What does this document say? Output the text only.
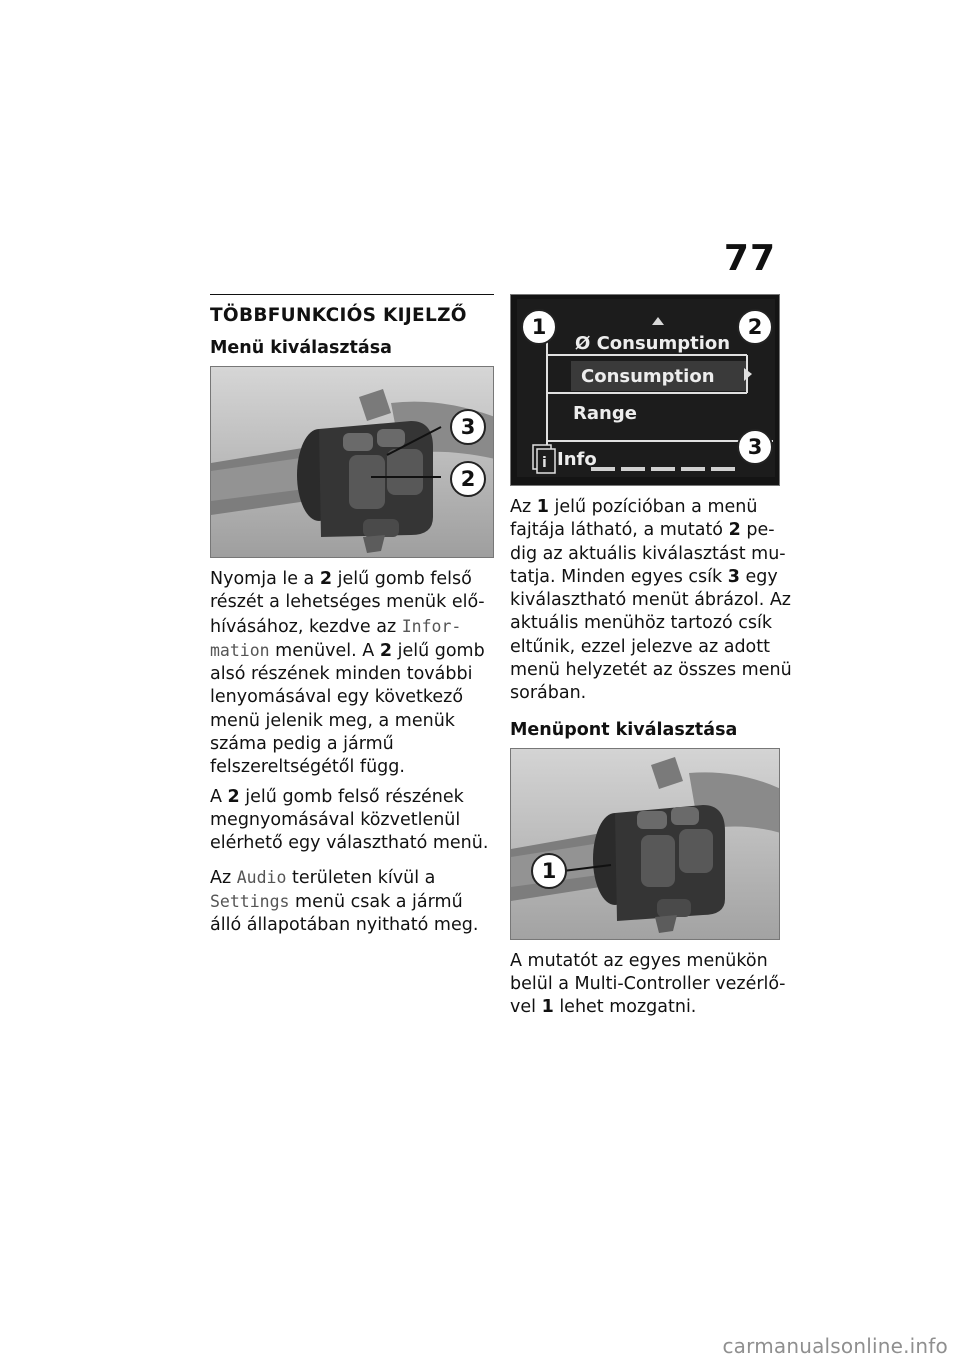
77
TÖBBFUNKCIÓS KIJELZŐ
Menü kiválasztása
3
2

Nyomja le a 2 jelű gomb felső részét a lehetséges menük előhívásához, kezdve az Information menüvel. A 2 jelű gomb alsó részének minden további lenyomásával egy következő menü jelenik meg, a menük száma pedig a jármű felszereltségétől függ.

A 2 jelű gomb felső részének megnyomásával közvetlenül elérhető egy választható menü.

Az Audio területen kívül a Settings menü csak a jármű álló állapotában nyitható meg.

i
Ø Consumption
Consumption
Range
Info
1	2
3

Az 1 jelű pozícióban a menü fajtája látható, a mutató 2 pedig az aktuális kiválasztást mutatja. Minden egyes csík 3 egy kiválasztható menüt ábrázol. Az aktuális menühöz tartozó csík eltűnik, ezzel jelezve az adott menü helyzetét az összes menü sorában.

Menüpont kiválasztása
1

A mutatót az egyes menükön belül a Multi-Controller vezérlővel 1 lehet mozgatni.

carmanualsonline.info
